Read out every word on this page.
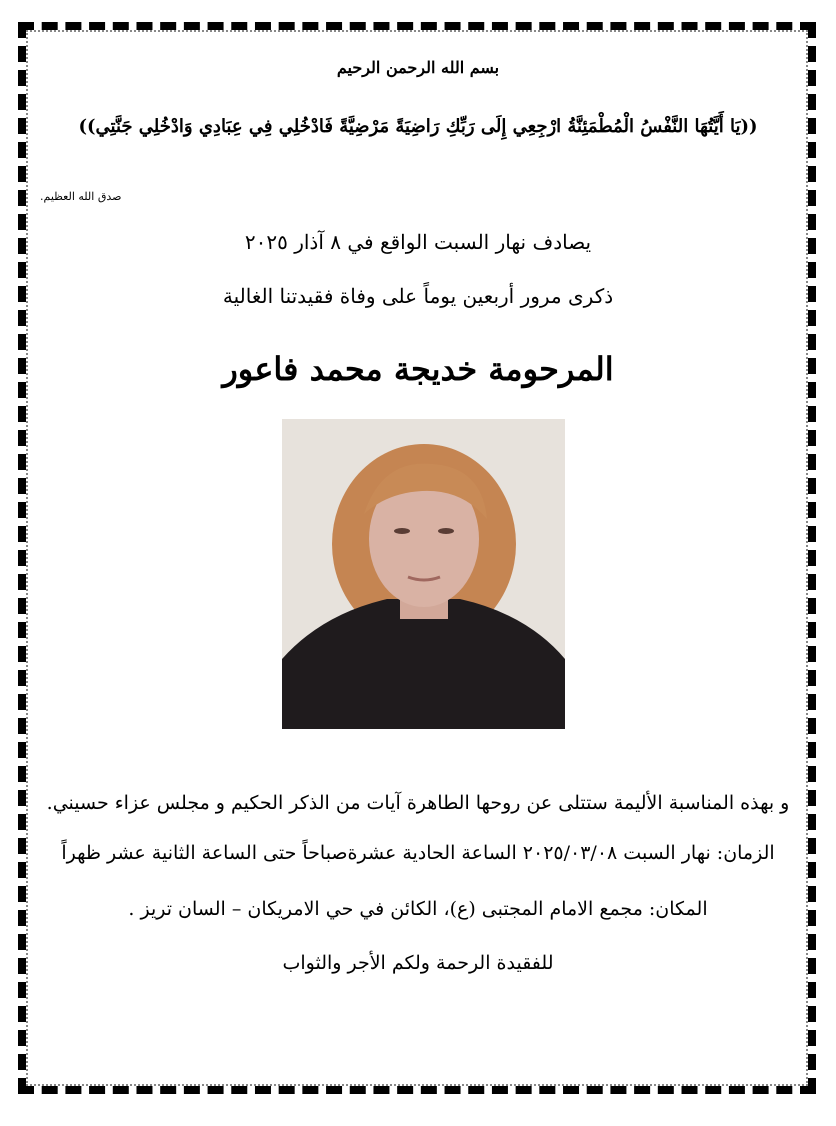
بسم الله الرحمن الرحيم
((يَا أَيَّتُهَا النَّفْسُ الْمُطْمَئِنَّةُ ارْجِعِي إِلَى رَبِّكِ رَاضِيَةً مَرْضِيَّةً فَادْخُلِي فِي عِبَادِي وَادْخُلِي جَنَّتِي))
صدق الله العظيم.
يصادف نهار السبت الواقع في ٨ آذار ٢٠٢٥
ذكرى مرور أربعين يوماً على وفاة فقيدتنا الغالية
المرحومة خديجة محمد فاعور
و بهذه المناسبة الأليمة ستتلى عن روحها الطاهرة آيات من الذكر الحكيم و مجلس عزاء حسيني.
الزمان: نهار السبت ٢٠٢٥/٠٣/٠٨ الساعة الحادية عشرةصباحاً حتى الساعة الثانية عشر ظهراً
المكان: مجمع الامام المجتبى (ع)، الكائن في حي الامريكان – السان تريز .
للفقيدة الرحمة ولكم الأجر والثواب
